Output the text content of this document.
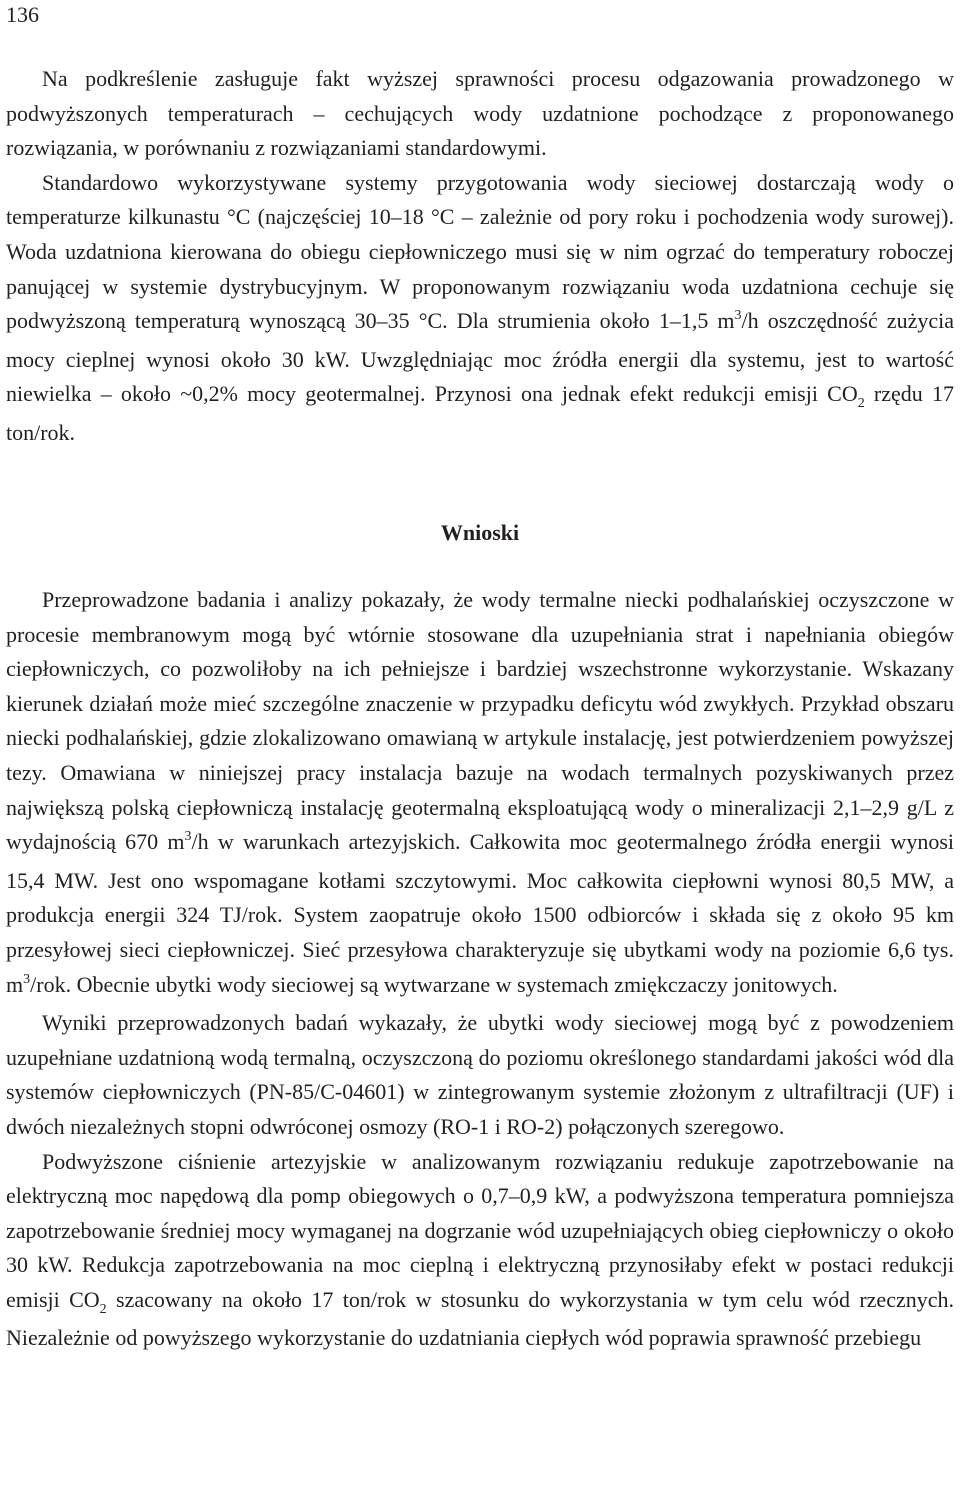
136

Na podkreślenie zasługuje fakt wyższej sprawności procesu odgazowania prowadzonego w podwyższonych temperaturach – cechujących wody uzdatnione pochodzące z proponowanego rozwiązania, w porównaniu z rozwiązaniami standardowymi.

Standardowo wykorzystywane systemy przygotowania wody sieciowej dostarczają wody o temperaturze kilkunastu °C (najczęściej 10–18 °C – zależnie od pory roku i pochodzenia wody surowej). Woda uzdatniona kierowana do obiegu ciepłowniczego musi się w nim ogrzać do temperatury roboczej panującej w systemie dystrybucyjnym. W proponowanym rozwiązaniu woda uzdatniona cechuje się podwyższoną temperaturą wynoszącą 30–35 °C. Dla strumienia około 1–1,5 $m^3/h$ oszczędność zużycia mocy cieplnej wynosi około 30 kW. Uwzględniając moc źródła energii dla systemu, jest to wartość niewielka – około ~0,2% mocy geotermalnej. Przynosi ona jednak efekt redukcji emisji $CO_2$ rzędu 17 ton/rok.

Wnioski

Przeprowadzone badania i analizy pokazały, że wody termalne niecki podhalańskiej oczyszczone w procesie membranowym mogą być wtórnie stosowane dla uzupełniania strat i napełniania obiegów ciepłowniczych, co pozwoliłoby na ich pełniejsze i bardziej wszechstronne wykorzystanie. Wskazany kierunek działań może mieć szczególne znaczenie w przypadku deficytu wód zwykłych. Przykład obszaru niecki podhalańskiej, gdzie zlokalizowano omawianą w artykule instalację, jest potwierdzeniem powyższej tezy. Omawiana w niniejszej pracy instalacja bazuje na wodach termalnych pozyskiwanych przez największą polską ciepłowniczą instalację geotermalną eksploatującą wody o mineralizacji 2,1–2,9 g/L z wydajnością 670 $m^3/h$ w warunkach artezyjskich. Całkowita moc geotermalnego źródła energii wynosi 15,4 MW. Jest ono wspomagane kotłami szczytowymi. Moc całkowita ciepłowni wynosi 80,5 MW, a produkcja energii 324 TJ/rok. System zaopatruje około 1500 odbiorców i składa się z około 95 km przesyłowej sieci ciepłowniczej. Sieć przesyłowa charakteryzuje się ubytkami wody na poziomie 6,6 tys. $m^3$/rok. Obecnie ubytki wody sieciowej są wytwarzane w systemach zmiękczaczy jonitowych.

Wyniki przeprowadzonych badań wykazały, że ubytki wody sieciowej mogą być z powodzeniem uzupełniane uzdatnioną wodą termalną, oczyszczoną do poziomu określonego standardami jakości wód dla systemów ciepłowniczych (PN-85/C-04601) w zintegrowanym systemie złożonym z ultrafiltracji (UF) i dwóch niezależnych stopni odwróconej osmozy (RO-1 i RO-2) połączonych szeregowo.

Podwyższone ciśnienie artezyjskie w analizowanym rozwiązaniu redukuje zapotrzebowanie na elektryczną moc napędową dla pomp obiegowych o 0,7–0,9 kW, a podwyższona temperatura pomniejsza zapotrzebowanie średniej mocy wymaganej na dogrzanie wód uzupełniających obieg ciepłowniczy o około 30 kW. Redukcja zapotrzebowania na moc cieplną i elektryczną przynosiłaby efekt w postaci redukcji emisji $CO_2$ szacowany na około 17 ton/rok w stosunku do wykorzystania w tym celu wód rzecznych. Niezależnie od powyższego wykorzystanie do uzdatniania ciepłych wód poprawia sprawność przebiegu
